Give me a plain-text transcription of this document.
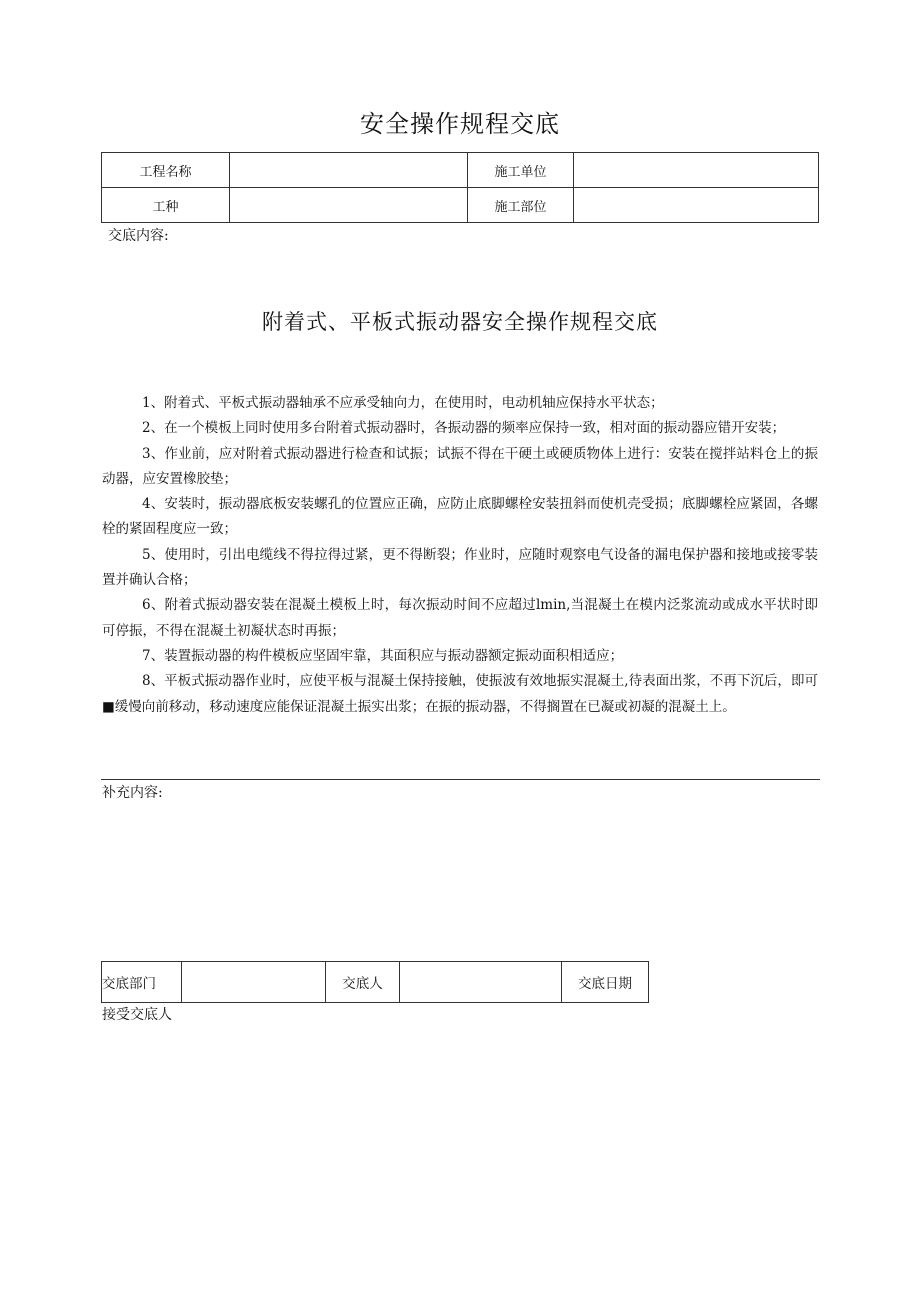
安全操作规程交底
工程名称		施工单位	
工种		施工部位	
交底内容:
附着式、平板式振动器安全操作规程交底

1、附着式、平板式振动器轴承不应承受轴向力，在使用时，电动机轴应保持水平状态；

2、在一个模板上同时使用多台附着式振动器时，各振动器的频率应保持一致，相对面的振动器应错开安装；

3、作业前，应对附着式振动器进行检查和试振；试振不得在干硬土或硬质物体上进行：安装在搅拌站料仓上的振动器，应安置橡胶垫；

4、安装时，振动器底板安装螺孔的位置应正确，应防止底脚螺栓安装扭斜而使机壳受损；底脚螺栓应紧固，各螺栓的紧固程度应一致；

5、使用时，引出电缆线不得拉得过紧，更不得断裂；作业时，应随时观察电气设备的漏电保护器和接地或接零装置并确认合格；

6、附着式振动器安装在混凝土模板上时，每次振动时间不应超过lmin,当混凝土在模内泛浆流动或成水平状时即可停振，不得在混凝土初凝状态时再振；

7、装置振动器的构件模板应坚固牢靠，其面积应与振动器额定振动面积相适应；

8、平板式振动器作业时，应使平板与混凝土保持接触，使振波有效地振实混凝土,待表面出浆，不再下沉后，即可■缓慢向前移动，移动速度应能保证混凝土振实出浆；在振的振动器，不得搁置在已凝或初凝的混凝土上。

补充内容:
交底部门		交底人		交底日期
接受交底人
